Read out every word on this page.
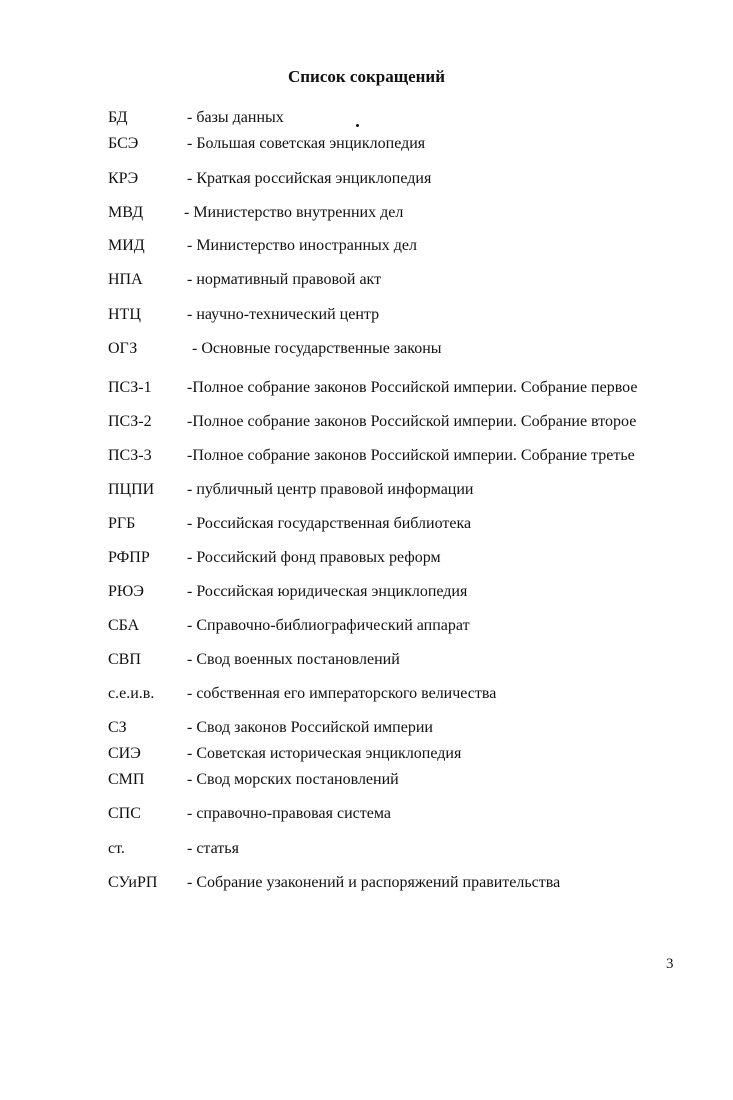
Список сокращений
БД	- базы данных
БСЭ	- Большая советская энциклопедия
КРЭ	- Краткая российская энциклопедия
МВД	- Министерство внутренних дел
МИД	- Министерство иностранных дел
НПА	- нормативный правовой акт
НТЦ	- научно-технический центр
ОГЗ	- Основные государственные законы
ПСЗ-1 -Полное собрание законов Российской империи. Собрание первое
ПСЗ-2 -Полное собрание законов Российской империи. Собрание второе
ПСЗ-3 -Полное собрание законов Российской империи. Собрание третье
ПЦПИ - публичный центр правовой информации
РГБ	- Российская государственная библиотека
РФПР - Российский фонд правовых реформ
РЮЭ	- Российская юридическая энциклопедия
СБА	- Справочно-библиографический аппарат
СВП	- Свод военных постановлений
с.е.и.в. - собственная его императорского величества
СЗ	- Свод законов Российской империи
СИЭ	- Советская историческая энциклопедия
СМП	- Свод морских постановлений
СПС	- справочно-правовая система
ст.	- статья
СУиРП - Собрание узаконений и распоряжений правительства
3
